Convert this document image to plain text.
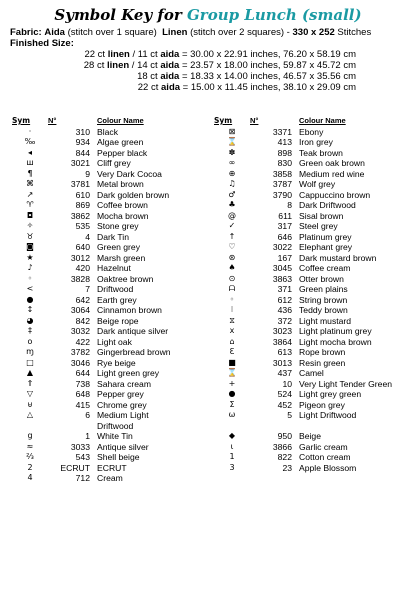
Symbol Key for Group Lunch (small)
Fabric: Aida (stitch over 1 square) Linen (stitch over 2 squares) - 330 x 252 Stitches
Finished Size:
22 ct linen / 11 ct aida = 30.00 x 22.91 inches, 76.20 x 58.19 cm
28 ct linen / 14 ct aida = 23.57 x 18.00 inches, 59.87 x 45.72 cm
18 ct aida = 18.33 x 14.00 inches, 46.57 x 35.56 cm
22 ct aida = 15.00 x 11.45 inches, 38.10 x 29.09 cm
Sym	N°	Colour Name
·	310	Black
‰	934	Algae green
◂	844	Pepper black
ш	3021	Cliff grey
¶	9	Very Dark Cocoa
⌘	3781	Metal brown
↗	610	Dark golden brown
♈	869	Coffee brown
◘	3862	Mocha brown
✧	535	Stone grey
♉	4	Dark Tin
◙	640	Green grey
★	3012	Marsh green
♪	420	Hazelnut
◦	3828	Oaktree brown
<	7	Driftwood
●	642	Earth grey
↕	3064	Cinnamon brown
◕	842	Beige rope
‡	3032	Dark antique silver
o	422	Light oak
ɱ	3782	Gingerbread brown
□	3046	Rye beige
▲	644	Light green grey
⇑	738	Sahara cream
▽	648	Pepper grey
⊎	415	Chrome grey
△	6	Medium Light
		Driftwood
g	1	White Tin
≈	3033	Antique silver
⅔	543	Shell beige
2	ECRUT	ECRUT
4	712	Cream
Sym	N°	Colour Name
⊠	3371	Ebony
⌛	413	Iron grey
✽	898	Teak brown
∞	830	Green oak brown
⊕	3858	Medium red wine
♫	3787	Wolf grey
♂	3790	Cappuccino brown
♣	8	Dark Driftwood
@	611	Sisal brown
✓	317	Steel grey
↑	646	Platinum grey
♡	3022	Elephant grey
⊛	167	Dark mustard brown
♠	3045	Coffee cream
⊙	3863	Otter brown
ᗩ	371	Green plains
◦	612	String brown
⁝	436	Teddy brown
⧖	372	Light mustard
x	3023	Light platinum grey
⌂	3864	Light mocha brown
Ɛ	613	Rope brown
■	3013	Resin green
⌛	437	Camel
+	10	Very Light Tender Green
●	524	Light grey green
Σ	452	Pigeon grey
ω	5	Light Driftwood

◆	950	Beige
ɩ	3866	Garlic cream
1	822	Cotton cream
3	23	Apple Blossom
